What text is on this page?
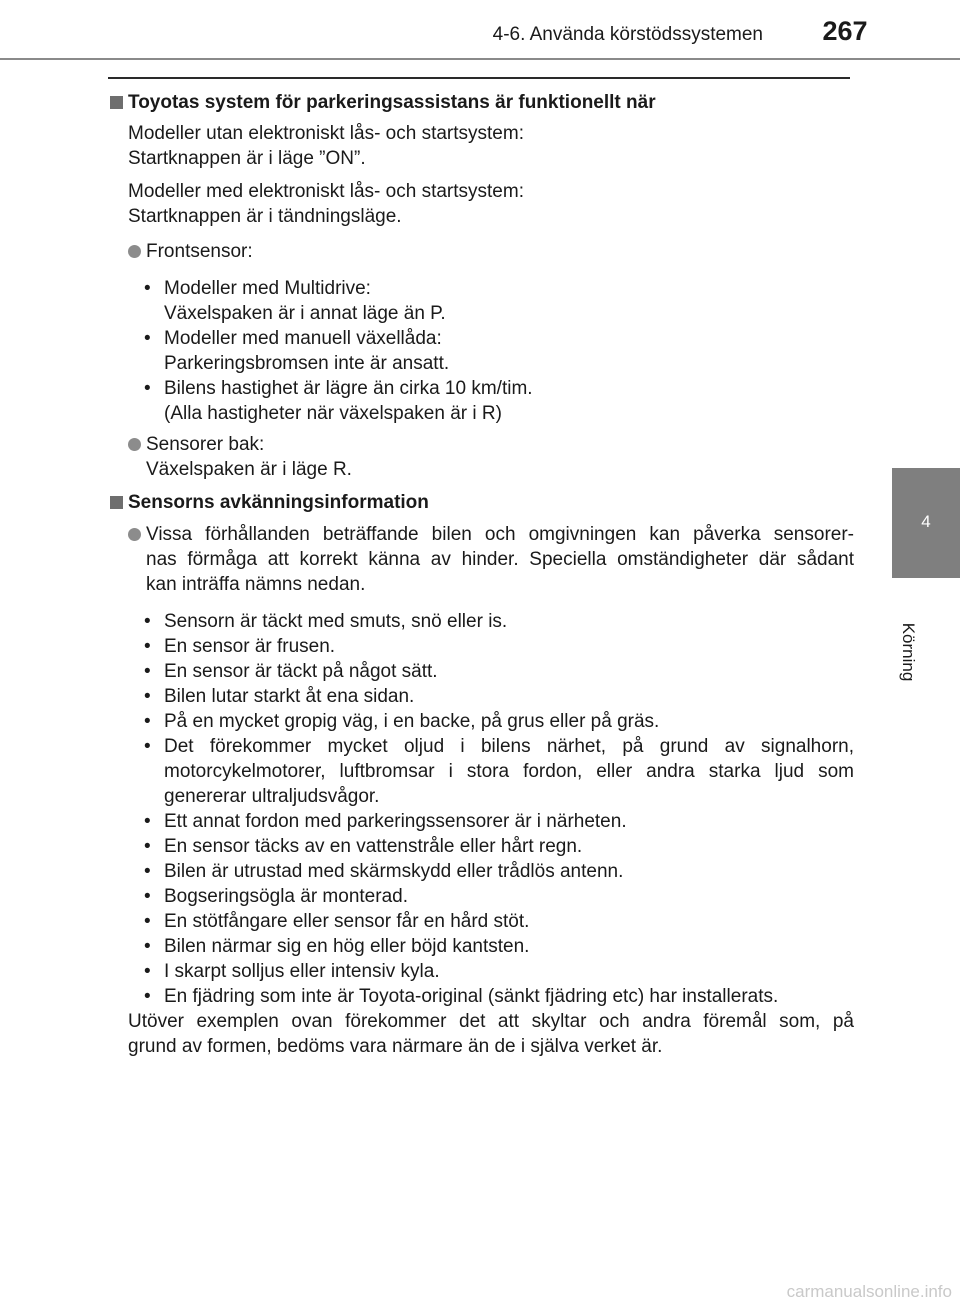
4-6. Använda körstödssystemen	267
4
Körning
Toyotas system för parkeringsassistans är funktionellt när
Modeller utan elektroniskt lås- och startsystem:
Startknappen är i läge ”ON”.
Modeller med elektroniskt lås- och startsystem:
Startknappen är i tändningsläge.
Frontsensor:
• Modeller med Multidrive:
Växelspaken är i annat läge än P.
• Modeller med manuell växellåda:
Parkeringsbromsen inte är ansatt.
• Bilens hastighet är lägre än cirka 10 km/tim.
(Alla hastigheter när växelspaken är i R)
Sensorer bak:
Växelspaken är i läge R.
Sensorns avkänningsinformation
Vissa förhållanden beträffande bilen och omgivningen kan påverka sensorer-
nas förmåga att korrekt känna av hinder. Speciella omständigheter där sådant
kan inträffa nämns nedan.
• Sensorn är täckt med smuts, snö eller is.
• En sensor är frusen.
• En sensor är täckt på något sätt.
• Bilen lutar starkt åt ena sidan.
• På en mycket gropig väg, i en backe, på grus eller på gräs.
• Det förekommer mycket oljud i bilens närhet, på grund av signalhorn,
motorcykelmotorer, luftbromsar i stora fordon, eller andra starka ljud som
genererar ultraljudsvågor.
• Ett annat fordon med parkeringssensorer är i närheten.
• En sensor täcks av en vattenstråle eller hårt regn.
• Bilen är utrustad med skärmskydd eller trådlös antenn.
• Bogseringsögla är monterad.
• En stötfångare eller sensor får en hård stöt.
• Bilen närmar sig en hög eller böjd kantsten.
• I skarpt solljus eller intensiv kyla.
• En fjädring som inte är Toyota-original (sänkt fjädring etc) har installerats.
Utöver exemplen ovan förekommer det att skyltar och andra föremål som, på
grund av formen, bedöms vara närmare än de i själva verket är.
carmanualsonline.info
